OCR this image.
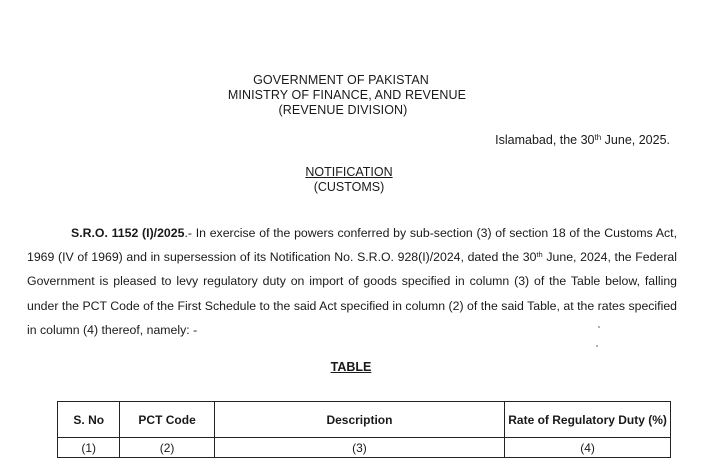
GOVERNMENT OF PAKISTAN
MINISTRY OF FINANCE, AND REVENUE
(REVENUE DIVISION)
Islamabad, the 30th June, 2025.
NOTIFICATION
(CUSTOMS)
S.R.O. 1152 (I)/2025.- In exercise of the powers conferred by sub-section (3) of section 18 of the Customs Act, 1969 (IV of 1969) and in supersession of its Notification No. S.R.O. 928(I)/2024, dated the 30th June, 2024, the Federal Government is pleased to levy regulatory duty on import of goods specified in column (3) of the Table below, falling under the PCT Code of the First Schedule to the said Act specified in column (2) of the said Table, at the rates specified in column (4) thereof, namely: -
TABLE
S. No	PCT Code	Description	Rate of Regulatory Duty (%)
(1)	(2)	(3)	(4)
